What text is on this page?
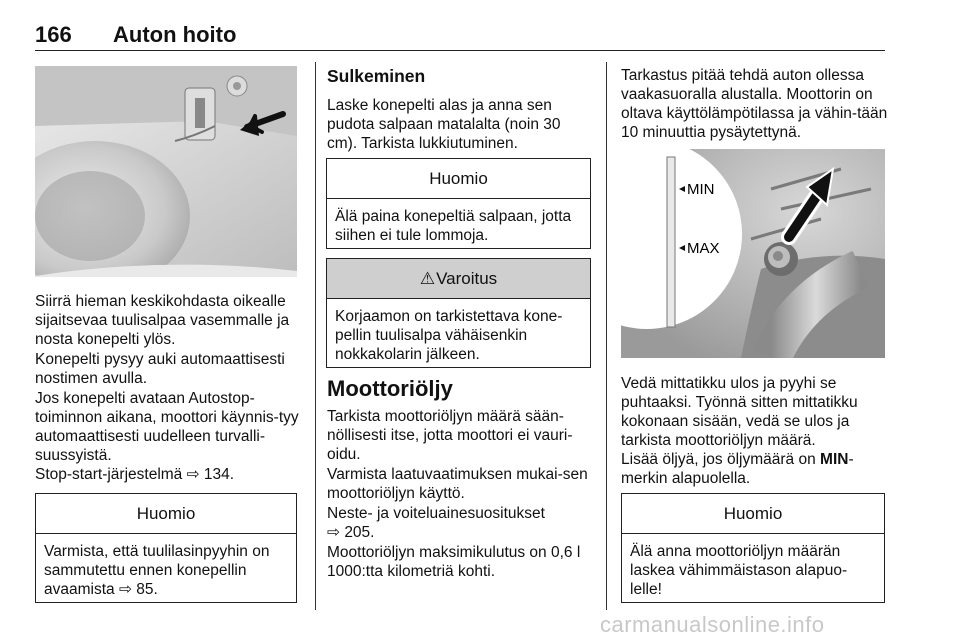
166 Auton hoito

Siirrä hieman keskikohdasta oikealle sijaitsevaa tuulisalpaa vasemmalle ja nosta konepelti ylös.

Konepelti pysyy auki automaattisesti nostimen avulla.

Jos konepelti avataan Autostop-toiminnon aikana, moottori käynnis-tyy automaattisesti uudelleen turvalli-suussyistä.

Stop-start-järjestelmä ⇨ 134.

Huomio
Varmista, että tuulilasinpyyhin on sammutettu ennen konepellin avaamista ⇨ 85.

Sulkeminen

Laske konepelti alas ja anna sen pudota salpaan matalalta (noin 30 cm). Tarkista lukkiutuminen.

Huomio
Älä paina konepeltiä salpaan, jotta siihen ei tule lommoja.
⚠ Varoitus
Korjaamon on tarkistettava kone-pellin tuulisalpa vähäisenkin nokkakolarin jälkeen.

Moottoriöljy

Tarkista moottoriöljyn määrä sään-nöllisesti itse, jotta moottori ei vauri-oidu.

Varmista laatuvaatimuksen mukai-sen moottoriöljyn käyttö.

Neste- ja voiteluainesuositukset
⇨ 205.

Moottoriöljyn maksimikulutus on 0,6 l 1000:tta kilometriä kohti.

Tarkastus pitää tehdä auton ollessa vaakasuoralla alustalla. Moottorin on oltava käyttölämpötilassa ja vähin-tään 10 minuuttia pysäytettynä.

MIN
MAX

Vedä mittatikku ulos ja pyyhi se puhtaaksi. Työnnä sitten mittatikku kokonaan sisään, vedä se ulos ja tarkista moottoriöljyn määrä.

Lisää öljyä, jos öljymäärä on MIN-merkin alapuolella.

Huomio
Älä anna moottoriöljyn määrän laskea vähimmäistason alapuo-lelle!
carmanualsonline.info
